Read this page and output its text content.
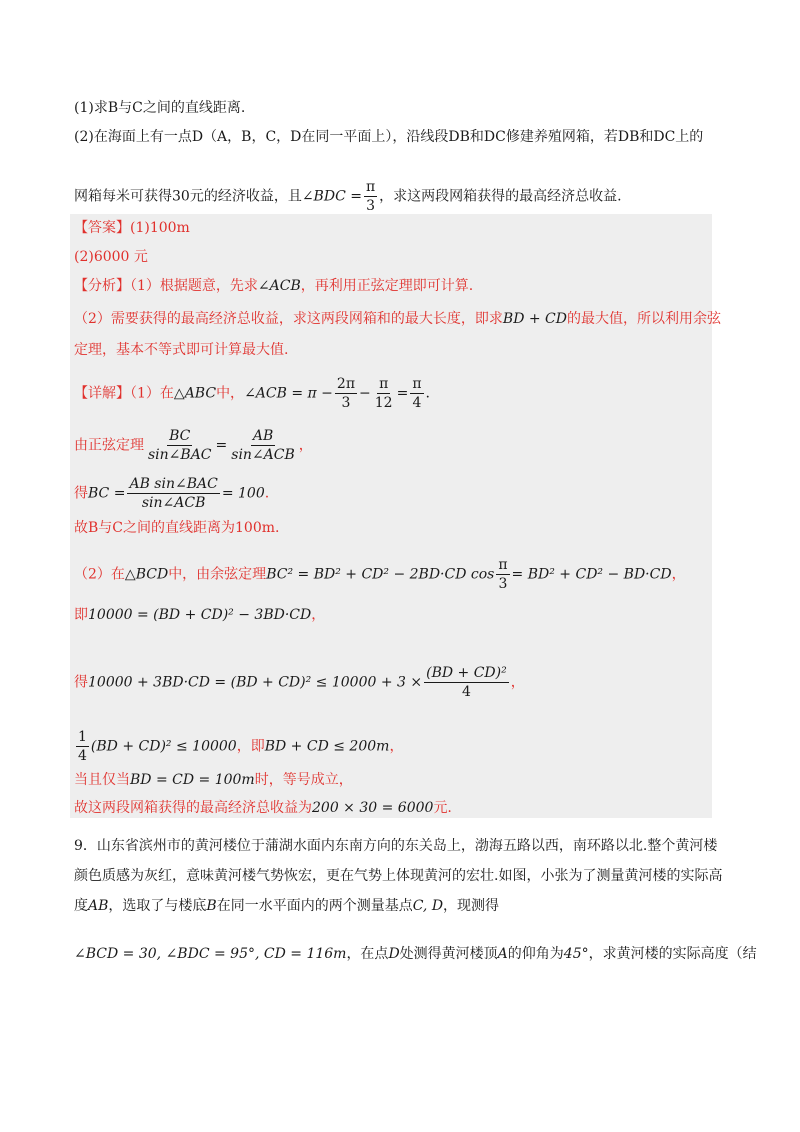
(1)求B与C之间的直线距离.
(2)在海面上有一点D（A，B，C，D在同一平面上），沿线段DB和DC修建养殖网箱，若DB和DC上的
网箱每米可获得30元的经济收益，且∠BDC = $\frac{\pi}{3}$ ，求这两段网箱获得的最高经济总收益.
【答案】(1)100m
(2)6000 元
【分析】（1）根据题意，先求∠ACB，再利用正弦定理即可计算.
（2）需要获得的最高经济总收益，求这两段网箱和的最大长度，即求BD + CD的最大值，所以利用余弦
定理，基本不等式即可计算最大值.
【详解】（1）在△ABC中，∠ACB = $\pi - \frac{2\pi}{3} - \frac{\pi}{12} = \frac{\pi}{4}$ .
由正弦定理 $\frac{BC}{\text{sin∠BAC}} = \frac{AB}{\text{sin∠ACB}}$ ，
得BC = $\frac{\text{AB sin∠BAC}}{\text{sin∠ACB}} = 100$.
故B与C之间的直线距离为100m.
（2）在△BCD中，由余弦定理BC² = BD² + CD² − 2BD·CD $\cos \frac{\pi}{3} = BD^2 + CD^2 - BD\cdot CD$，
即10000 = (BD + CD)² − 3BD·CD，
得$10000 + 3BD\cdot CD = (BD + CD)^2 \le 10000 + 3 \times \frac{\text{(BD + CD)²}}{4}$ ，
$\frac{1}{4} (BD + CD)^2 \le 10000$，即BD + CD ≤ 200m，
当且仅当BD = CD = 100m时，等号成立，
故这两段网箱获得的最高经济总收益为200 × 30 = 6000元.
9．山东省滨州市的黄河楼位于蒲湖水面内东南方向的东关岛上，渤海五路以西，南环路以北.整个黄河楼
颜色质感为灰红，意味黄河楼气势恢宏，更在气势上体现黄河的宏壮.如图，小张为了测量黄河楼的实际高
度AB，选取了与楼底B在同一水平面内的两个测量基点C, D，现测得
∠BCD = 30, ∠BDC = 95°, CD = 116m，在点D处测得黄河楼顶A的仰角为45°，求黄河楼的实际高度（结
